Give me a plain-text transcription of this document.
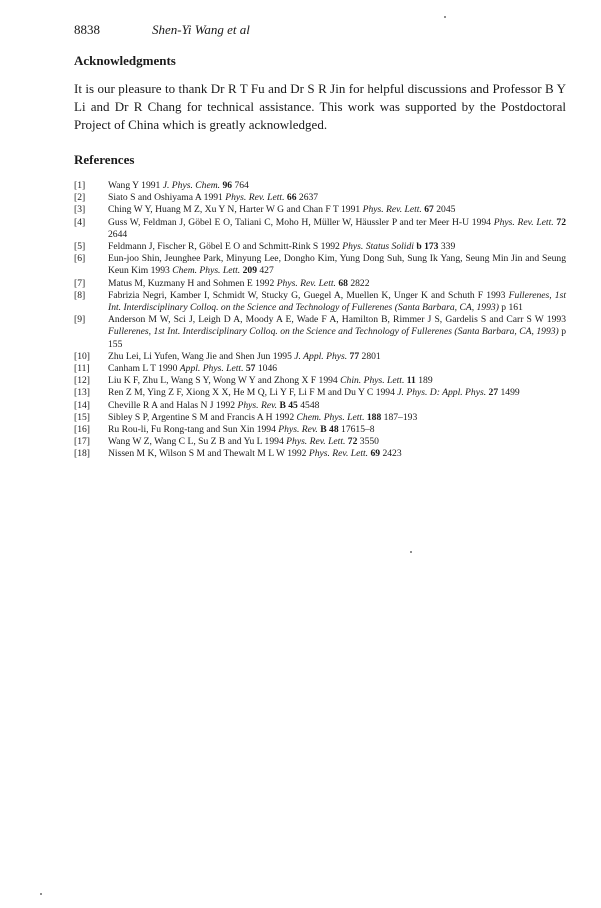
8838	Shen-Yi Wang et al
Acknowledgments
It is our pleasure to thank Dr R T Fu and Dr S R Jin for helpful discussions and Professor B Y Li and Dr R Chang for technical assistance. This work was supported by the Postdoctoral Project of China which is greatly acknowledged.
References
[ 1 ]	Wang Y 1991 J. Phys. Chem. 96 764
[ 2 ]	Siato S and Oshiyama A 1991 Phys. Rev. Lett. 66 2637
[ 3 ]	Ching W Y, Huang M Z, Xu Y N, Harter W G and Chan F T 1991 Phys. Rev. Lett. 67 2045
[ 4 ]	Guss W, Feldman J, Göbel E O, Taliani C, Moho H, Müller W, Häussler P and ter Meer H-U 1994 Phys. Rev. Lett. 72 2644
[ 5 ]	Feldmann J, Fischer R, Göbel E O and Schmitt-Rink S 1992 Phys. Status Solidi b 173 339
[ 6 ]	Eun-joo Shin, Jeunghee Park, Minyung Lee, Dongho Kim, Yung Dong Suh, Sung Ik Yang, Seung Min Jin and Seung Keun Kim 1993 Chem. Phys. Lett. 209 427
[ 7 ]	Matus M, Kuzmany H and Sohmen E 1992 Phys. Rev. Lett. 68 2822
[ 8 ]	Fabrizia Negri, Kamber I, Schmidt W, Stucky G, Guegel A, Muellen K, Unger K and Schuth F 1993 Fullerenes, 1st Int. Interdisciplinary Colloq. on the Science and Technology of Fullerenes (Santa Barbara, CA, 1993) p 161
[ 9 ]	Anderson M W, Sci J, Leigh D A, Moody A E, Wade F A, Hamilton B, Rimmer J S, Gardelis S and Carr S W 1993 Fullerenes, 1st Int. Interdisciplinary Colloq. on the Science and Technology of Fullerenes (Santa Barbara, CA, 1993) p 155
[ 10 ]	Zhu Lei, Li Yufen, Wang Jie and Shen Jun 1995 J. Appl. Phys. 77 2801
[ 11 ]	Canham L T 1990 Appl. Phys. Lett. 57 1046
[ 12 ]	Liu K F, Zhu L, Wang S Y, Wong W Y and Zhong X F 1994 Chin. Phys. Lett. 11 189
[ 13 ]	Ren Z M, Ying Z F, Xiong X X, He M Q, Li Y F, Li F M and Du Y C 1994 J. Phys. D: Appl. Phys. 27 1499
[ 14 ]	Cheville R A and Halas N J 1992 Phys. Rev. B 45 4548
[ 15 ]	Sibley S P, Argentine S M and Francis A H 1992 Chem. Phys. Lett. 188 187–193
[ 16 ]	Ru Rou-li, Fu Rong-tang and Sun Xin 1994 Phys. Rev. B 48 17615–8
[ 17 ]	Wang W Z, Wang C L, Su Z B and Yu L 1994 Phys. Rev. Lett. 72 3550
[ 18 ]	Nissen M K, Wilson S M and Thewalt M L W 1992 Phys. Rev. Lett. 69 2423
